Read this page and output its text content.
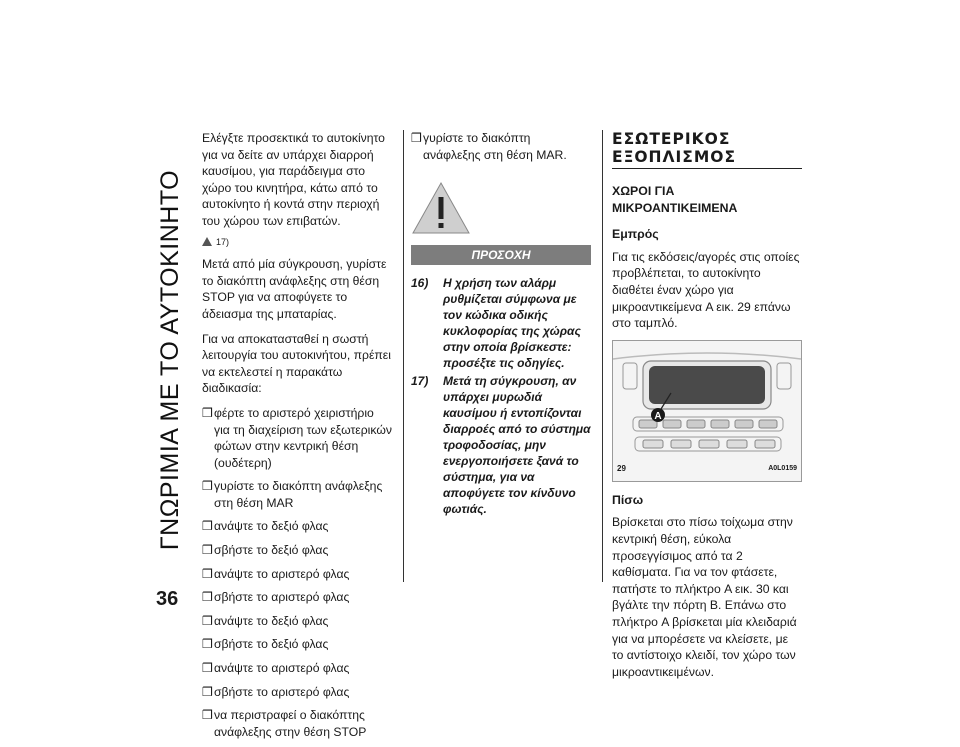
ΓΝΩΡΙΜΙΑ ΜΕ ΤΟ ΑΥΤΟΚΙΝΗΤΟ
36

Ελέγξτε προσεκτικά το αυτοκίνητο για να δείτε αν υπάρχει διαρροή καυσίμου, για παράδειγμα στο χώρο του κινητήρα, κάτω από το αυτοκίνητο ή κοντά στην περιοχή του χώρου των επιβατών.

17)

Μετά από μία σύγκρουση, γυρίστε το διακόπτη ανάφλεξης στη θέση STOP για να αποφύγετε το άδειασμα της μπαταρίας.

Για να αποκατασταθεί η σωστή λειτουργία του αυτοκινήτου, πρέπει να εκτελεστεί η παρακάτω διαδικασία:

❒ φέρτε το αριστερό χειριστήριο για τη διαχείριση των εξωτερικών φώτων στην κεντρική θέση (ουδέτερη)
❒ γυρίστε το διακόπτη ανάφλεξης στη θέση MAR
❒ ανάψτε το δεξιό φλας
❒ σβήστε το δεξιό φλας
❒ ανάψτε το αριστερό φλας
❒ σβήστε το αριστερό φλας
❒ ανάψτε το δεξιό φλας
❒ σβήστε το δεξιό φλας
❒ ανάψτε το αριστερό φλας
❒ σβήστε το αριστερό φλας
❒ να περιστραφεί ο διακόπτης ανάφλεξης στην θέση STOP
❒ γυρίστε το διακόπτη ανάφλεξης στη θέση MAR.
ΠΡΟΣΟΧΗ
16)	Η χρήση των αλάρμ ρυθμίζεται σύμφωνα με τον κώδικα οδικής κυκλοφορίας της χώρας στην οποία βρίσκεστε: προσέξτε τις οδηγίες.
17)	Μετά τη σύγκρουση, αν υπάρχει μυρωδιά καυσίμου ή εντοπίζονται διαρροές από το σύστημα τροφοδοσίας, μην ενεργοποιήσετε ξανά το σύστημα, για να αποφύγετε τον κίνδυνο φωτιάς.
ΕΣΩΤΕΡΙΚΟΣ
ΕΞΟΠΛΙΣΜΟΣ
ΧΩΡΟΙ ΓΙΑ ΜΙΚΡΟΑΝΤΙΚΕΙΜΕΝΑ
Εμπρός

Για τις εκδόσεις/αγορές στις οποίες προβλέπεται, το αυτοκίνητο διαθέτει έναν χώρο για μικροαντικείμενα A εικ. 29 επάνω στο ταμπλό.

A
29	A0L0159
Πίσω

Βρίσκεται στο πίσω τοίχωμα στην κεντρική θέση, εύκολα προσεγγίσιμος από τα 2 καθίσματα. Για να τον φτάσετε, πατήστε το πλήκτρο A εικ. 30 και βγάλτε την πόρτη B. Επάνω στο πλήκτρο A βρίσκεται μία κλειδαριά για να μπορέσετε να κλείσετε, με το αντίστοιχο κλειδί, τον χώρο των μικροαντικειμένων.
